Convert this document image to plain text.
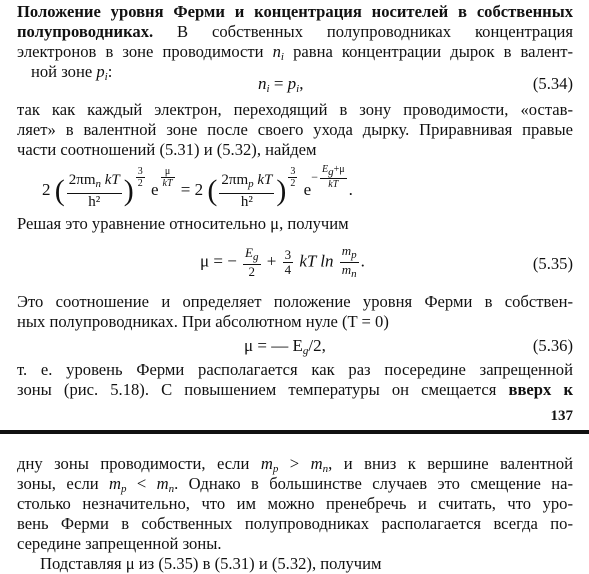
Положение уровня Ферми и концентрация носителей в собственных
полупроводниках. В собственных полупроводниках концентрация
электронов в зоне проводимости $n_i$ равна концентрации дырок в валент-
ной зоне $p_i$:
$n_i = p_i$,	(5.34)
так как каждый электрон, переходящий в зону проводимости, «остав-
ляет» в валентной зоне после своего ухода дырку. Приравнивая правые
части соотношений (5.31) и (5.32), найдем
2 ( $\frac{2\pi m_n kT}{\text{h²}}$ ) $\frac{3}{2}$
e
$\frac{\mu}{kT}$
= 2 ( $\frac{2\pi m_p kT}{\text{h²}}$ ) $\frac{3}{2}$
$e- \frac{Eg+\mu}{kT}$ .
Решая это уравнение относительно μ, получим
μ = − $\frac{E_g}{2} + \frac{3}{4}$ kT $\ln \frac{m_p}{m_n}$ .	(5.35)
Это соотношение и определяет положение уровня Ферми в собствен-
ных полупроводниках. При абсолютном нуле (T = 0)
μ = — $E_g/2$,	(5.36)
т. е. уровень Ферми располагается как раз посередине запрещенной
зоны (рис. 5.18). С повышением температуры он смещается вверх к
137
дну зоны проводимости, если $m_p > m_n$, и вниз к вершине валентной
зоны, если $m_p < m_n$. Однако в большинстве случаев это смещение на-
столько незначительно, что им можно пренебречь и считать, что уро-
вень Ферми в собственных полупроводниках располагается всегда по-
середине запрещенной зоны.
Подставляя μ из (5.35) в (5.31) и (5.32), получим
